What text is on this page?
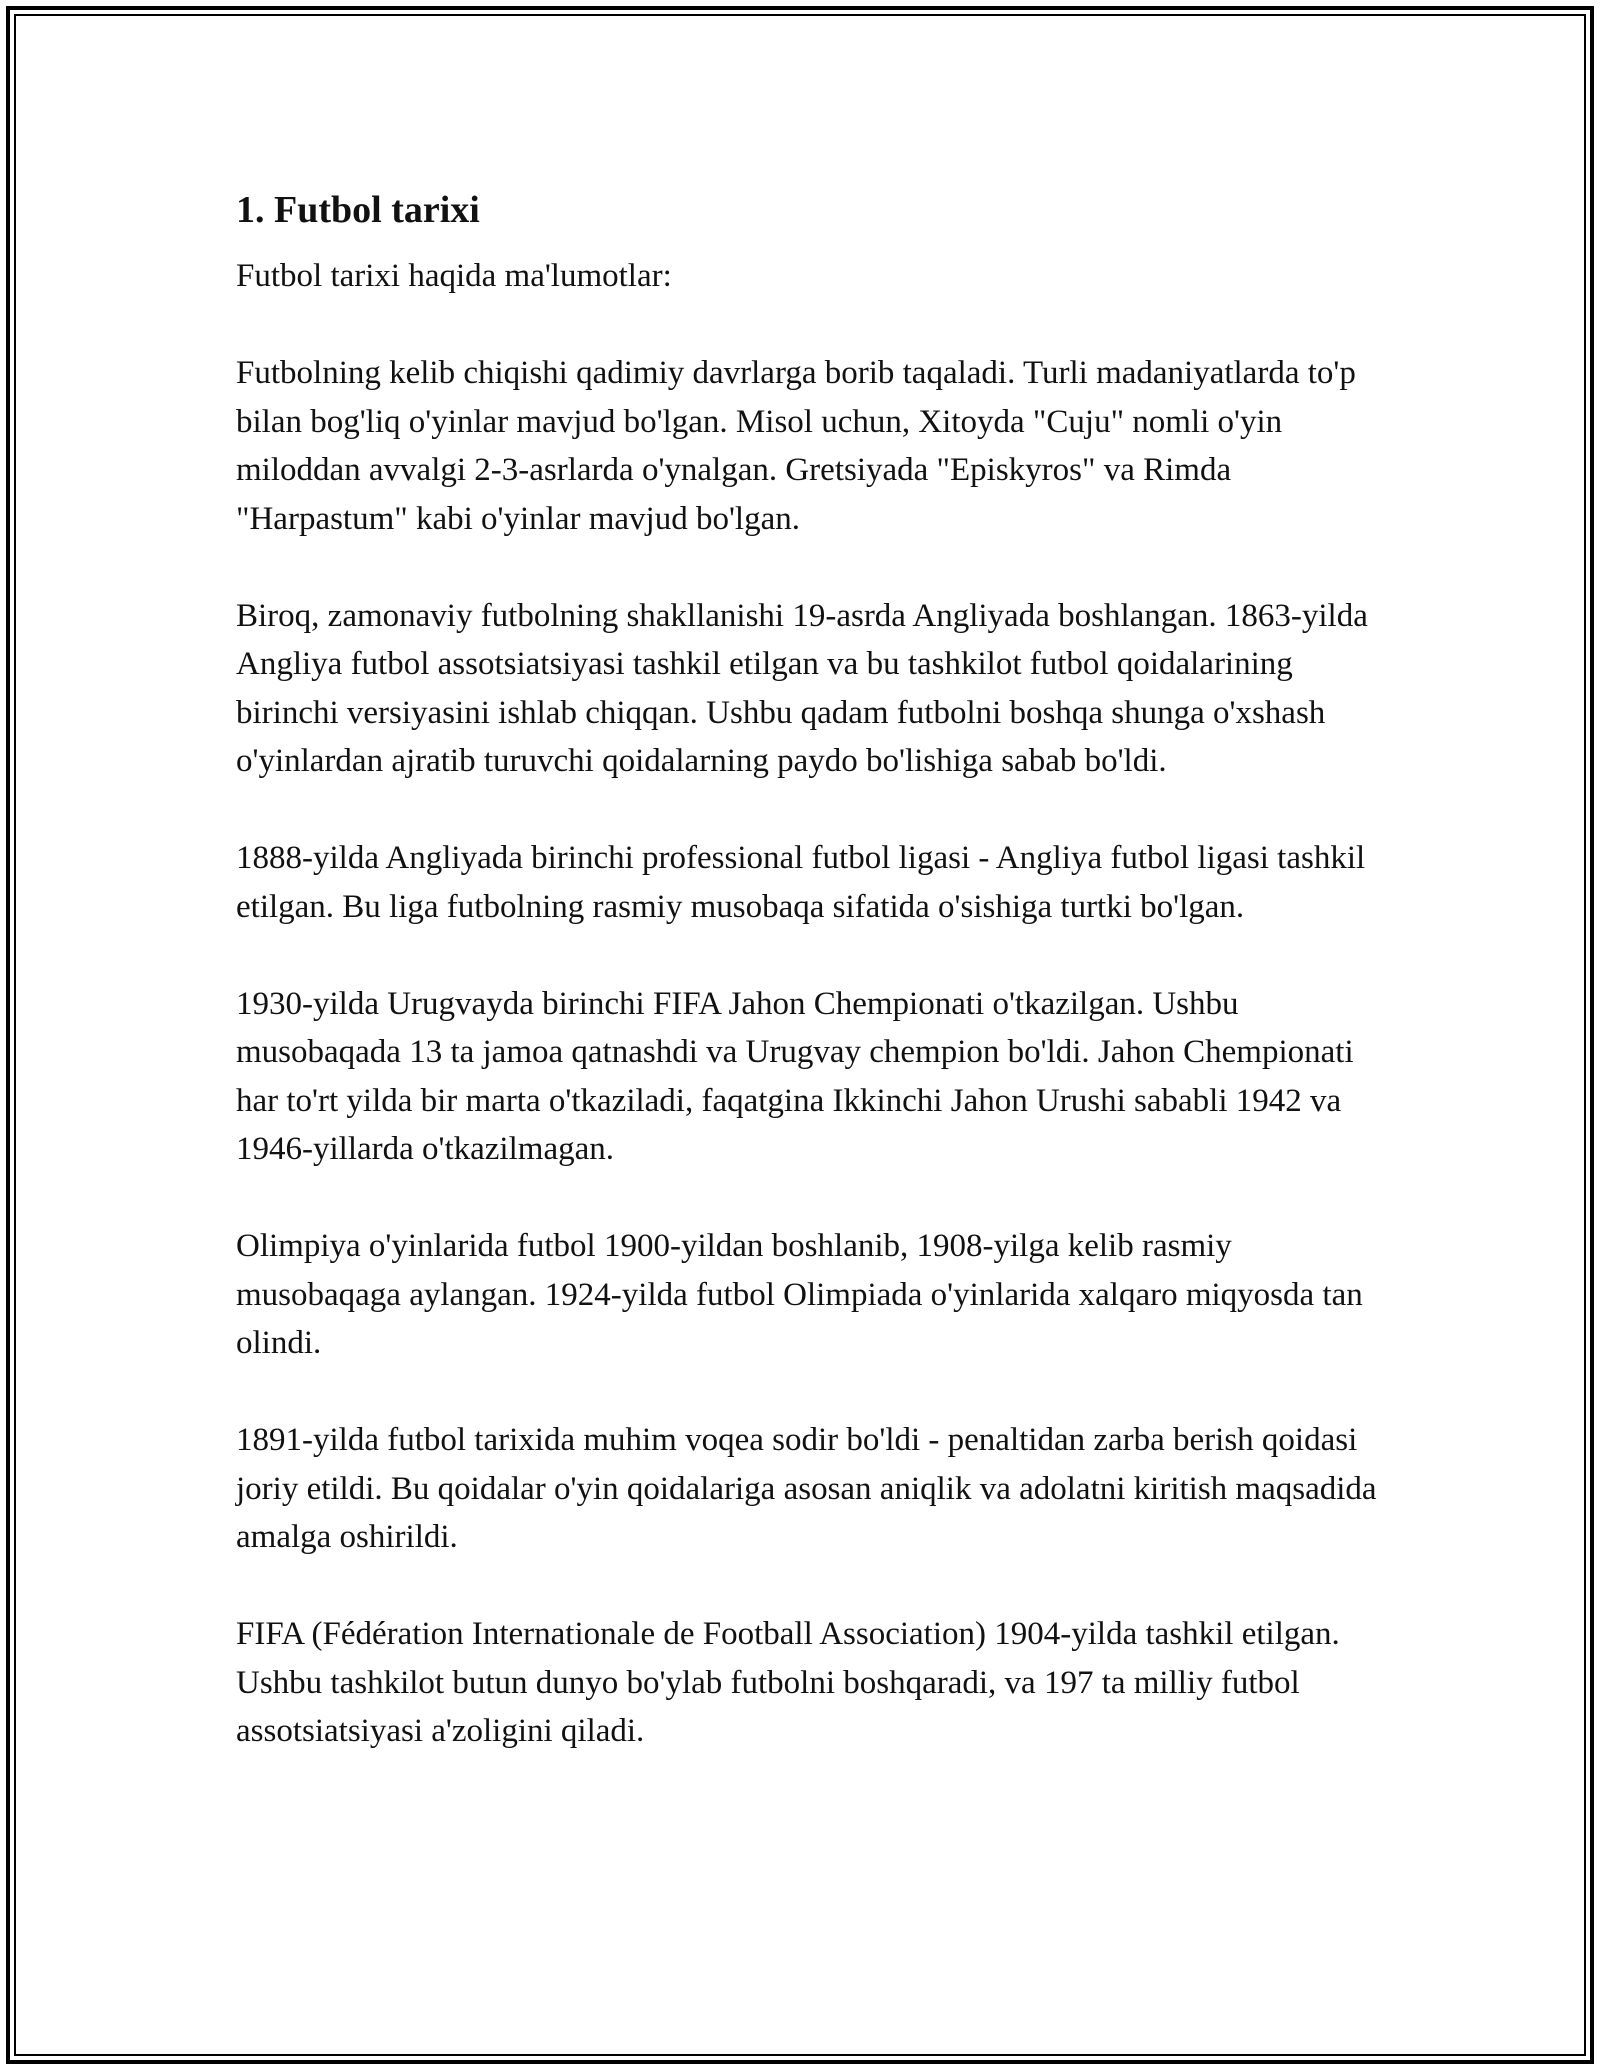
1. Futbol tarixi

Futbol tarixi haqida ma'lumotlar:

Futbolning kelib chiqishi qadimiy davrlarga borib taqaladi. Turli madaniyatlarda to'p bilan bog'liq o'yinlar mavjud bo'lgan. Misol uchun, Xitoyda "Cuju" nomli o'yin miloddan avvalgi 2-3-asrlarda o'ynalgan. Gretsiyada "Episkyros" va Rimda "Harpastum" kabi o'yinlar mavjud bo'lgan.

Biroq, zamonaviy futbolning shakllanishi 19-asrda Angliyada boshlangan. 1863-yilda Angliya futbol assotsiatsiyasi tashkil etilgan va bu tashkilot futbol qoidalarining birinchi versiyasini ishlab chiqqan. Ushbu qadam futbolni boshqa shunga o'xshash o'yinlardan ajratib turuvchi qoidalarning paydo bo'lishiga sabab bo'ldi.

1888-yilda Angliyada birinchi professional futbol ligasi - Angliya futbol ligasi tashkil etilgan. Bu liga futbolning rasmiy musobaqa sifatida o'sishiga turtki bo'lgan.

1930-yilda Urugvayda birinchi FIFA Jahon Chempionati o'tkazilgan. Ushbu musobaqada 13 ta jamoa qatnashdi va Urugvay chempion bo'ldi. Jahon Chempionati har to'rt yilda bir marta o'tkaziladi, faqatgina Ikkinchi Jahon Urushi sababli 1942 va 1946-yillarda o'tkazilmagan.

Olimpiya o'yinlarida futbol 1900-yildan boshlanib, 1908-yilga kelib rasmiy musobaqaga aylangan. 1924-yilda futbol Olimpiada o'yinlarida xalqaro miqyosda tan olindi.

1891-yilda futbol tarixida muhim voqea sodir bo'ldi - penaltidan zarba berish qoidasi joriy etildi. Bu qoidalar o'yin qoidalariga asosan aniqlik va adolatni kiritish maqsadida amalga oshirildi.

FIFA (Fédération Internationale de Football Association) 1904-yilda tashkil etilgan. Ushbu tashkilot butun dunyo bo'ylab futbolni boshqaradi, va 197 ta milliy futbol assotsiatsiyasi a'zoligini qiladi.
